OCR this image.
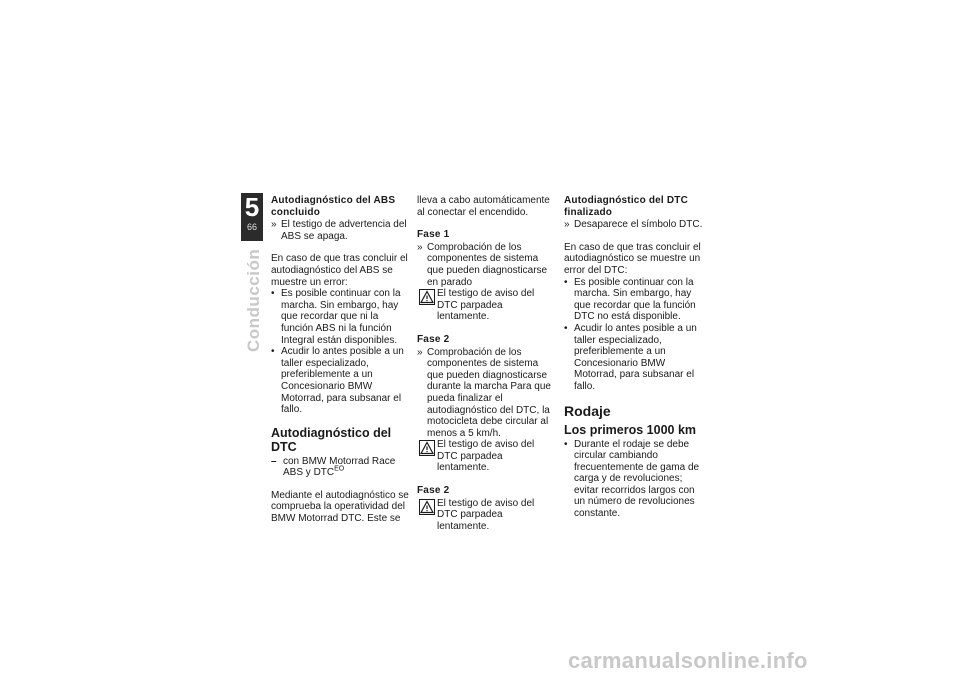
5
66
Conducción

Autodiagnóstico del ABS concluido

» El testigo de advertencia del ABS se apaga.

En caso de que tras concluir el autodiagnóstico del ABS se muestre un error:

• Es posible continuar con la marcha. Sin embargo, hay que recordar que ni la función ABS ni la función Integral están disponibles.
• Acudir lo antes posible a un taller especializado, preferiblemente a un Concesionario BMW Motorrad, para subsanar el fallo.

Autodiagnóstico del DTC

– con BMW Motorrad Race ABS y $DTC^{EO}$

Mediante el autodiagnóstico se comprueba la operatividad del BMW Motorrad DTC. Este se

lleva a cabo automáticamente al conectar el encendido.

Fase 1

» Comprobación de los componentes de sistema que pueden diagnosticarse en parado
El testigo de aviso del DTC parpadea lentamente.

Fase 2

» Comprobación de los componentes de sistema que pueden diagnosticarse durante la marcha Para que pueda finalizar el autodiagnóstico del DTC, la motocicleta debe circular al menos a 5 km/h.
El testigo de aviso del DTC parpadea lentamente.

Fase 2

El testigo de aviso del DTC parpadea lentamente.

Autodiagnóstico del DTC finalizado

» Desaparece el símbolo DTC.

En caso de que tras concluir el autodiagnóstico se muestre un error del DTC:

• Es posible continuar con la marcha. Sin embargo, hay que recordar que la función DTC no está disponible.
• Acudir lo antes posible a un taller especializado, preferiblemente a un Concesionario BMW Motorrad, para subsanar el fallo.

Rodaje

Los primeros 1000 km

• Durante el rodaje se debe circular cambiando frecuentemente de gama de carga y de revoluciones; evitar recorridos largos con un número de revoluciones constante.
carmanualsonline.info
